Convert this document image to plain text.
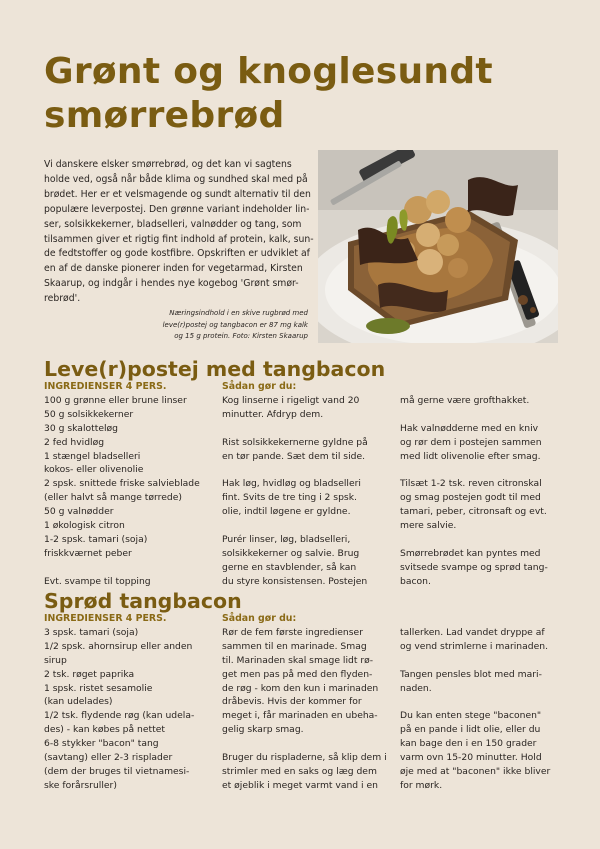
Grønt og knoglesundt
smørrebrød
Vi danskere elsker smørrebrød, og det kan vi sagtens
holde ved, også når både klima og sundhed skal med på
brødet. Her er et velsmagende og sundt alternativ til den
populære leverpostej. Den grønne variant indeholder lin-
ser, solsikkekerner, bladselleri, valnødder og tang, som
tilsammen giver et rigtig fint indhold af protein, kalk, sun-
de fedtstoffer og gode kostfibre. Opskriften er udviklet af
en af de danske pionerer inden for vegetarmad, Kirsten
Skaarup, og indgår i hendes nye kogebog 'Grønt smør-
rebrød'.
Næringsindhold i en skive rugbrød med
leve(r)postej og tangbacon er 87 mg kalk
og 15 g protein. Foto: Kirsten Skaarup
Leve(r)postej med tangbacon
INGREDIENSER 4 PERS.
100 g grønne eller brune linser
50 g solsikkekerner
30 g skalotteløg
2 fed hvidløg
1 stængel bladselleri
kokos- eller olivenolie
2 spsk. snittede friske salvieblade
(eller halvt så mange tørrede)
50 g valnødder
1 økologisk citron
1-2 spsk. tamari (soja)
friskkværnet peber
Evt. svampe til topping
Sådan gør du:
Kog linserne i rigeligt vand 20
minutter. Afdryp dem.
Rist solsikkekernerne gyldne på
en tør pande. Sæt dem til side.
Hak løg, hvidløg og bladselleri
fint. Svits de tre ting i 2 spsk.
olie, indtil løgene er gyldne.
Purér linser, løg, bladselleri,
solsikkekerner og salvie. Brug
gerne en stavblender, så kan
du styre konsistensen. Postejen
må gerne være grofthakket.
Hak valnødderne med en kniv
og rør dem i postejen sammen
med lidt olivenolie efter smag.
Tilsæt 1-2 tsk. reven citronskal
og smag postejen godt til med
tamari, peber, citronsaft og evt.
mere salvie.
Smørrebrødet kan pyntes med
svitsede svampe og sprød tang-
bacon.
Sprød tangbacon
INGREDIENSER 4 PERS.
3 spsk. tamari (soja)
1/2 spsk. ahornsirup eller anden
sirup
2 tsk. røget paprika
1 spsk. ristet sesamolie
(kan udelades)
1/2 tsk. flydende røg (kan udela-
des) - kan købes på nettet
6-8 stykker "bacon" tang
(savtang) eller 2-3 risplader
(dem der bruges til vietnamesi-
ske forårsruller)
Sådan gør du:
Rør de fem første ingredienser
sammen til en marinade. Smag
til. Marinaden skal smage lidt rø-
get men pas på med den flyden-
de røg - kom den kun i marinaden
dråbevis. Hvis der kommer for
meget i, får marinaden en ubeha-
gelig skarp smag.
Bruger du rispladerne, så klip dem i
strimler med en saks og læg dem
et øjeblik i meget varmt vand i en
tallerken. Lad vandet dryppe af
og vend strimlerne i marinaden.
Tangen pensles blot med mari-
naden.
Du kan enten stege "baconen"
på en pande i lidt olie, eller du
kan bage den i en 150 grader
varm ovn 15-20 minutter. Hold
øje med at "baconen" ikke bliver
for mørk.
